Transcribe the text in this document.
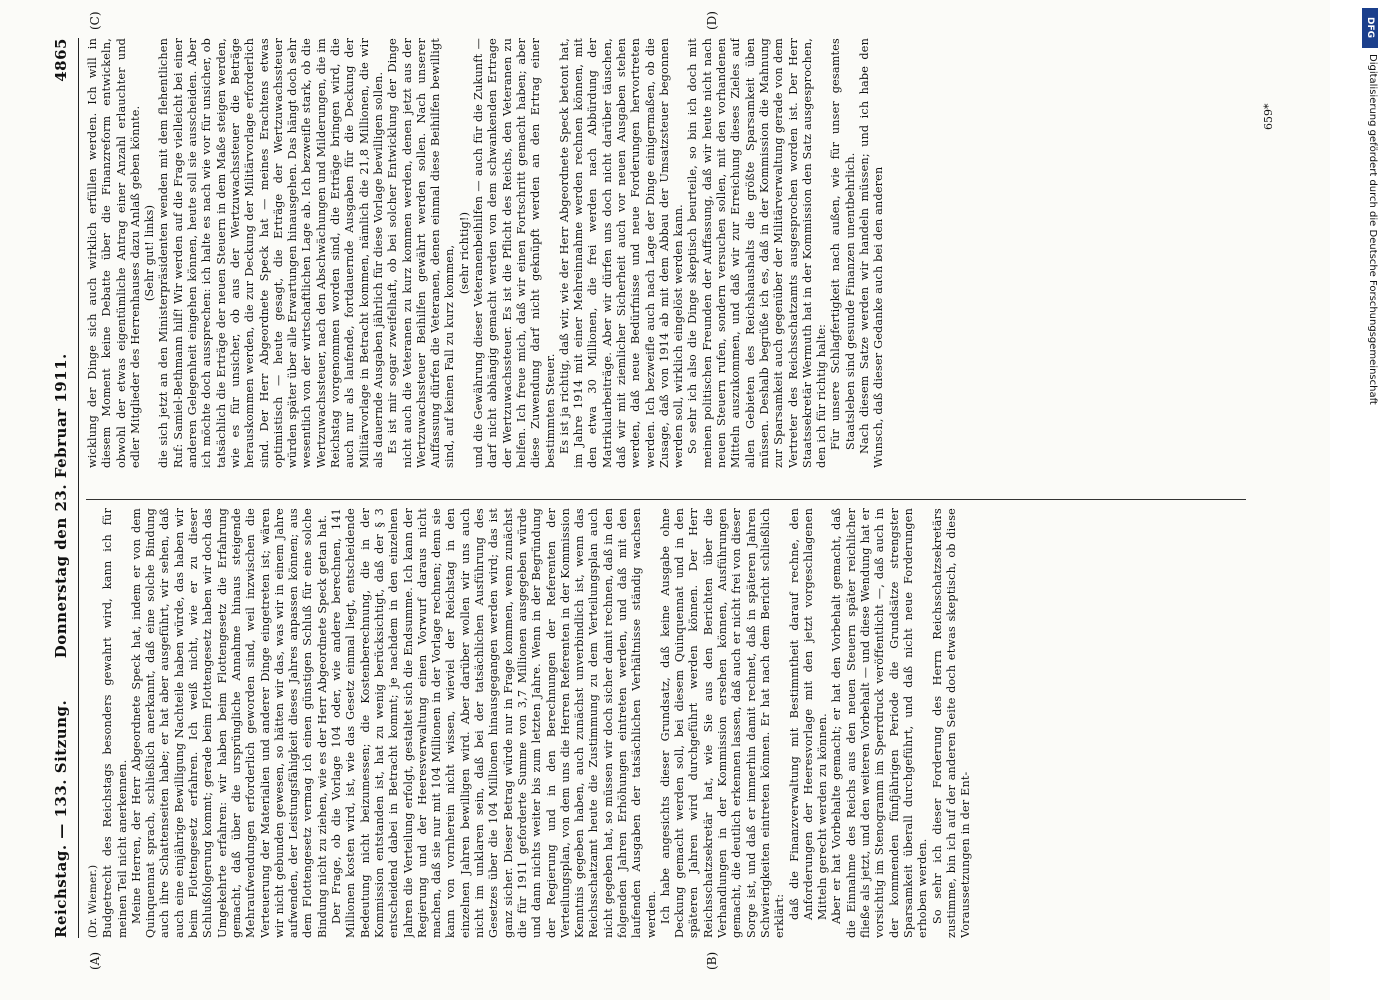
Reichstag. — 133. Sitzung.
Donnerstag den 23. Februar 1911.  4865
(A)	(B)
(C)	(D)
(Dr. Wiemer.) Budgetrecht des Reichstags besonders gewahrt wird, kann ich für meinen Teil nicht anerkennen. Meine Herren, der Herr Abgeordnete Speck hat, indem er von dem Quinquennat sprach, schließlich anerkannt, daß eine solche Bindung auch ihre Schattenseiten habe; er hat aber ausgeführt, wir sehen, daß auch eine einjährige Bewilligung Nachteile haben würde, das haben wir beim Flottengesetz erfahren. Ich weiß nicht, wie er zu dieser Schlußfolgerung kommt; gerade beim Flottengesetz haben wir doch das Umgekehrte erfahren: wir haben beim Flottengesetz die Erfahrung gemacht, daß über die ursprüngliche Annahme hinaus steigende Mehraufwendungen erforderlich geworden sind, weil inzwischen die Verteuerung der Materialien und anderer Dinge eingetreten ist; wären wir nicht gebunden gewesen, so hätten wir das, was wir in einem Jahre aufwenden, der Leistungsfähigkeit dieses Jahres anpassen können; aus dem Flottengesetz vermag ich einen günstigen Schluß für eine solche Bindung nicht zu ziehen, wie es der Herr Abgeordnete Speck getan hat. Der Frage, ob die Vorlage 104 oder, wie andere berechnen, 141 Millionen kosten wird, ist, wie das Gesetz einmal liegt, entscheidende Bedeutung nicht beizumessen; die Kostenberechnung, die in der Kommission entstanden ist, hat zu wenig berücksichtigt, daß der § 3 entscheidend dabei in Betracht kommt; je nachdem in den einzelnen Jahren die Verteilung erfolgt, gestaltet sich die Endsumme. Ich kann der Regierung und der Heeresverwaltung einen Vorwurf daraus nicht machen, daß sie nur mit 104 Millionen in der Vorlage rechnen; denn sie kann von vornherein nicht wissen, wieviel der Reichstag in den einzelnen Jahren bewilligen wird. Aber darüber wollen wir uns auch nicht im unklaren sein, daß bei der tatsächlichen Ausführung des Gesetzes über die 104 Millionen hinausgegangen werden wird; das ist ganz sicher. Dieser Betrag würde nur in Frage kommen, wenn zunächst die für 1911 geforderte Summe von 3,7 Millionen ausgegeben würde und dann nichts weiter bis zum letzten Jahre. Wenn in der Begründung der Regierung und in den Berechnungen der Referenten der Verteilungsplan, von dem uns die Herren Referenten in der Kommission Kenntnis gegeben haben, auch zunächst unverbindlich ist, wenn das Reichsschatzamt heute die Zustimmung zu dem Verteilungsplan auch nicht gegeben hat, so müssen wir doch sicher damit rechnen, daß in den folgenden Jahren Erhöhungen eintreten werden, und daß mit den laufenden Ausgaben der tatsächlichen Verhältnisse ständig wachsen werden. Ich habe angesichts dieser Grundsatz, daß keine Ausgabe ohne Deckung gemacht werden soll, bei diesem Quinquennat und in den späteren Jahren wird durchgeführt werden können. Der Herr Reichsschatzsekretär hat, wie Sie aus den Berichten über die Verhandlungen in der Kommission ersehen können, Ausführungen gemacht, die deutlich erkennen lassen, daß auch er nicht frei von dieser Sorge ist, und daß er immerhin damit rechnet, daß in späteren Jahren Schwierigkeiten eintreten können. Er hat nach dem Bericht schließlich erklärt: daß die Finanzverwaltung mit Bestimmtheit darauf rechne, den Anforderungen der Heeresvorlage mit den jetzt vorgeschlagenen Mitteln gerecht werden zu können. Aber er hat Vorbehalte gemacht; er hat den Vorbehalt gemacht, daß die Einnahme des Reichs aus den neuen Steuern später reichlicher fließe als jetzt, und den weiteren Vorbehalt — und diese Wendung hat er vorsichtig im Stenogramm im Sperrdruck veröffentlicht —, daß auch in der kommenden fünfjährigen Periode die Grundsätze strengster Sparsamkeit überall durchgeführt, und daß nicht neue Forderungen erhoben werden. So sehr ich dieser Forderung des Herrn Reichsschatzsekretärs zustimme, bin ich auf der anderen Seite doch etwas skeptisch, ob diese Voraussetzungen in der Ent-

wicklung der Dinge sich auch wirklich erfüllen werden. Ich will in diesem Moment keine Debatte über die Finanzreform entwickeln, obwohl der etwas eigentümliche Antrag einer Anzahl erlauchter und edler Mitglieder des Herrenhauses dazu Anlaß geben könnte. (Sehr gut! links) die sich jetzt an den Ministerpräsidenten wenden mit dem flehentlichen Ruf: Samiel-Bethmann hilf! Wir werden auf die Frage vielleicht bei einer anderen Gelegenheit eingehen können, heute soll sie ausscheiden. Aber ich möchte doch aussprechen: ich halte es nach wie vor für unsicher, ob tatsächlich die Erträge der neuen Steuern in dem Maße steigen werden, wie es für unsicher, ob aus der Wertzuwachssteuer die Beträge herauskommen werden, die zur Deckung der Militärvorlage erforderlich sind. Der Herr Abgeordnete Speck hat — meines Erachtens etwas optimistisch — heute gesagt, die Erträge der Wertzuwachssteuer würden später über alle Erwartungen hinausgehen. Das hängt doch sehr wesentlich von der wirtschaftlichen Lage ab. Ich bezweifle stark, ob die Wertzuwachssteuer, nach den Abschwächungen und Milderungen, die im Reichstag vorgenommen worden sind, die Erträge bringen wird, die auch nur als laufende, fortdauernde Ausgaben für die Deckung der Militärvorlage in Betracht kommen, nämlich die 21,8 Millionen, die wir als dauernde Ausgaben jährlich für diese Vorlage bewilligen sollen. Es ist mir sogar zweifelhaft, ob bei solcher Entwicklung der Dinge nicht auch die Veteranen zu kurz kommen werden, denen jetzt aus der Wertzuwachssteuer Beihilfen gewährt werden sollen. Nach unserer Auffassung dürfen die Veteranen, denen einmal diese Beihilfen bewilligt sind, auf keinen Fall zu kurz kommen, (sehr richtig!) und die Gewährung dieser Veteranenbeihilfen — auch für die Zukunft — darf nicht abhängig gemacht werden von dem schwankenden Ertrage der Wertzuwachssteuer. Es ist die Pflicht des Reichs, den Veteranen zu helfen. Ich freue mich, daß wir einen Fortschritt gemacht haben; aber diese Zuwendung darf nicht geknüpft werden an den Ertrag einer bestimmten Steuer. Es ist ja richtig, daß wir, wie der Herr Abgeordnete Speck betont hat, im Jahre 1914 mit einer Mehreinnahme werden rechnen können, mit den etwa 30 Millionen, die frei werden nach Abbürdung der Matrikularbeiträge. Aber wir dürfen uns doch nicht darüber täuschen, daß wir mit ziemlicher Sicherheit auch vor neuen Ausgaben stehen werden, daß neue Bedürfnisse und neue Forderungen hervortreten werden. Ich bezweifle auch nach Lage der Dinge einigermaßen, ob die Zusage, daß von 1914 ab mit dem Abbau der Umsatzsteuer begonnen werden soll, wirklich eingelöst werden kann. So sehr ich also die Dinge skeptisch beurteile, so bin ich doch mit meinen politischen Freunden der Auffassung, daß wir heute nicht nach neuen Steuern rufen, sondern versuchen sollen, mit den vorhandenen Mitteln auszukommen, und daß wir zur Erreichung dieses Zieles auf allen Gebieten des Reichshaushalts die größte Sparsamkeit üben müssen. Deshalb begrüße ich es, daß in der Kommission die Mahnung zur Sparsamkeit auch gegenüber der Militärverwaltung gerade von dem Vertreter des Reichsschatzamts ausgesprochen worden ist. Der Herr Staatssekretär Wermuth hat in der Kommission den Satz ausgesprochen, den ich für richtig halte: Für unsere Schlagfertigkeit nach außen, wie für unser gesamtes Staatsleben sind gesunde Finanzen unentbehrlich. Nach diesem Satze werden wir handeln müssen; und ich habe den Wunsch, daß dieser Gedanke auch bei den anderen

659*
DFG
Digitalisierung gefördert durch die Deutsche Forschungsgemeinschaft
